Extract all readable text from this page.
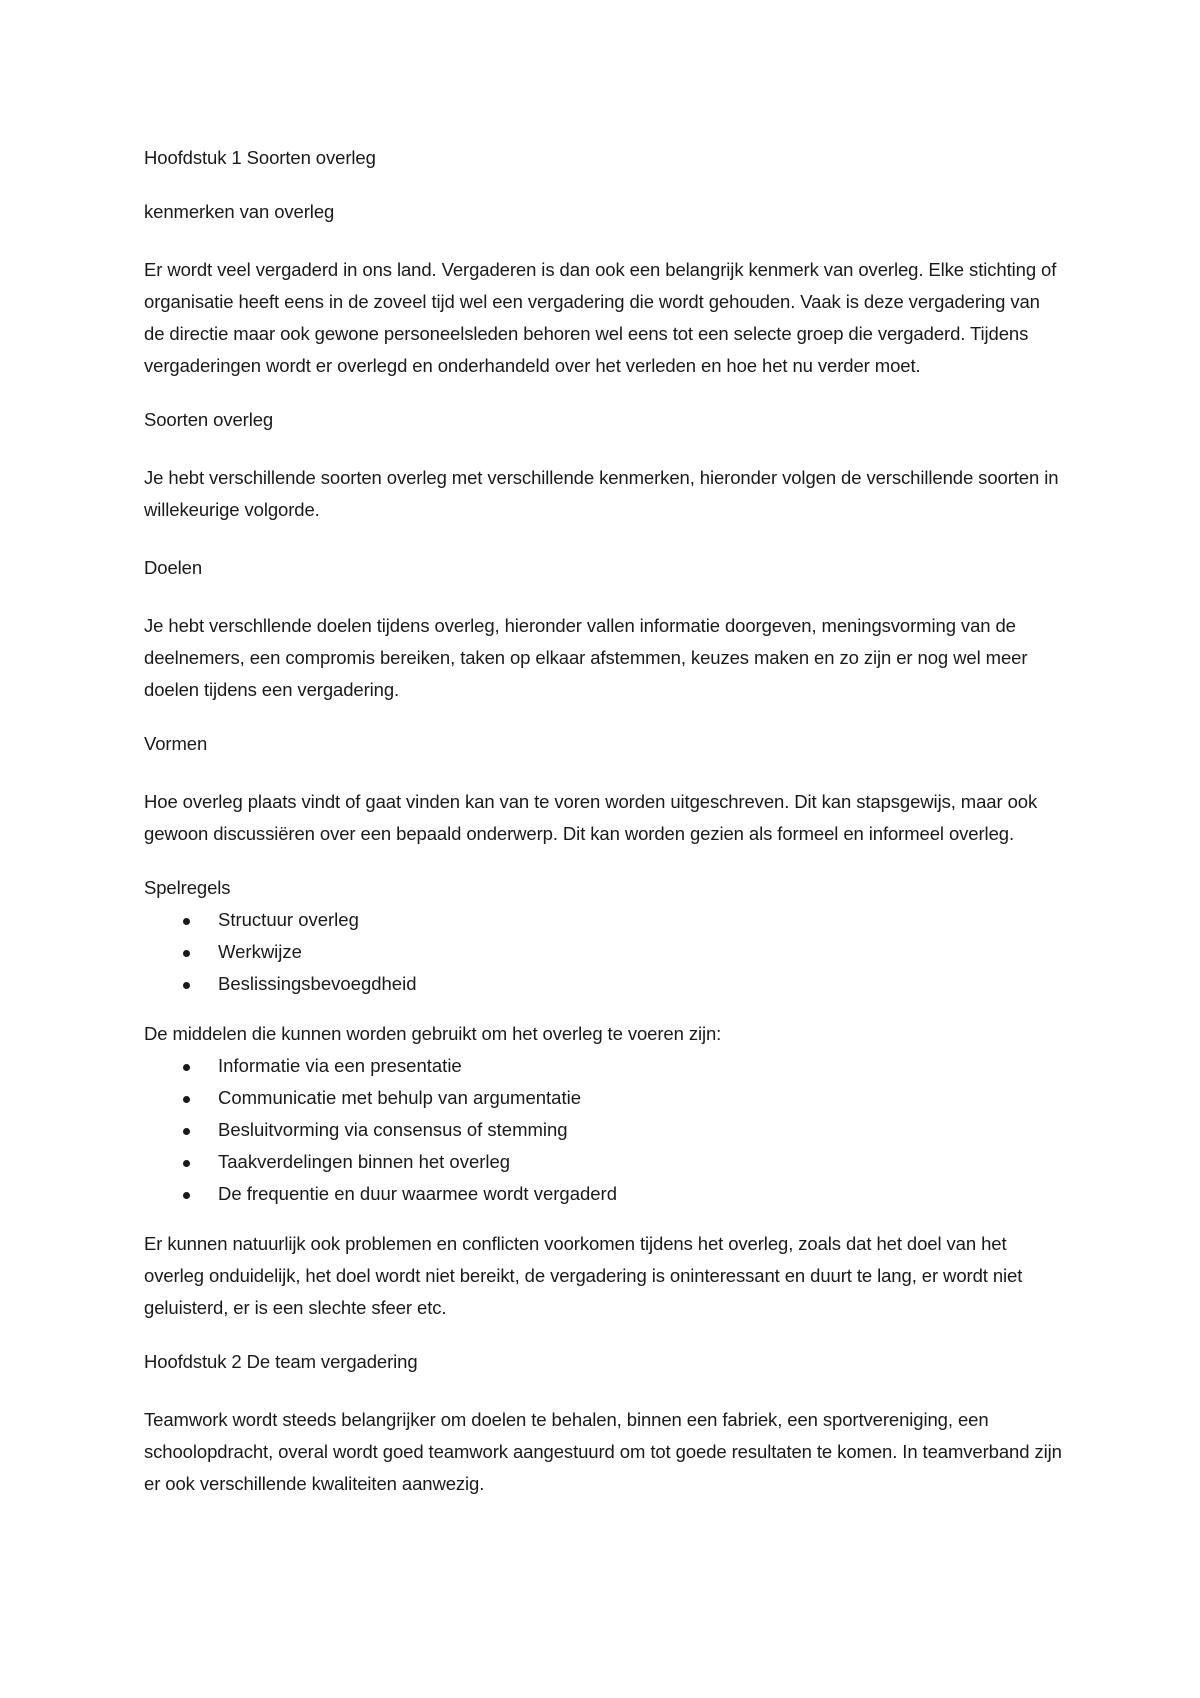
Hoofdstuk 1 Soorten overleg

kenmerken van overleg

Er wordt veel vergaderd in ons land. Vergaderen is dan ook een belangrijk kenmerk van overleg. Elke stichting of organisatie heeft eens in de zoveel tijd wel een vergadering die wordt gehouden. Vaak is deze vergadering van de directie maar ook gewone personeelsleden behoren wel eens tot een selecte groep die vergaderd. Tijdens vergaderingen wordt er overlegd en onderhandeld over het verleden en hoe het nu verder moet.

Soorten overleg

Je hebt verschillende soorten overleg met verschillende kenmerken, hieronder volgen de verschillende soorten in willekeurige volgorde.

Doelen

Je hebt verschllende doelen tijdens overleg, hieronder vallen informatie doorgeven, meningsvorming van de deelnemers, een compromis bereiken, taken op elkaar afstemmen, keuzes maken en zo zijn er nog wel meer doelen tijdens een vergadering.

Vormen

Hoe overleg plaats vindt of gaat vinden kan van te voren worden uitgeschreven. Dit kan stapsgewijs, maar ook gewoon discussiëren over een bepaald onderwerp. Dit kan worden gezien als formeel en informeel overleg.

Spelregels

Structuur overleg
Werkwijze
Beslissingsbevoegdheid

De middelen die kunnen worden gebruikt om het overleg te voeren zijn:

Informatie via een presentatie
Communicatie met behulp van argumentatie
Besluitvorming via consensus of stemming
Taakverdelingen binnen het overleg
De frequentie en duur waarmee wordt vergaderd

Er kunnen natuurlijk ook problemen en conflicten voorkomen tijdens het overleg, zoals dat het doel van het overleg onduidelijk, het doel wordt niet bereikt, de vergadering is oninteressant en duurt te lang, er wordt niet geluisterd, er is een slechte sfeer etc.

Hoofdstuk 2 De team vergadering

Teamwork wordt steeds belangrijker om doelen te behalen, binnen een fabriek, een sportvereniging, een schoolopdracht, overal wordt goed teamwork aangestuurd om tot goede resultaten te komen. In teamverband zijn er ook verschillende kwaliteiten aanwezig.
